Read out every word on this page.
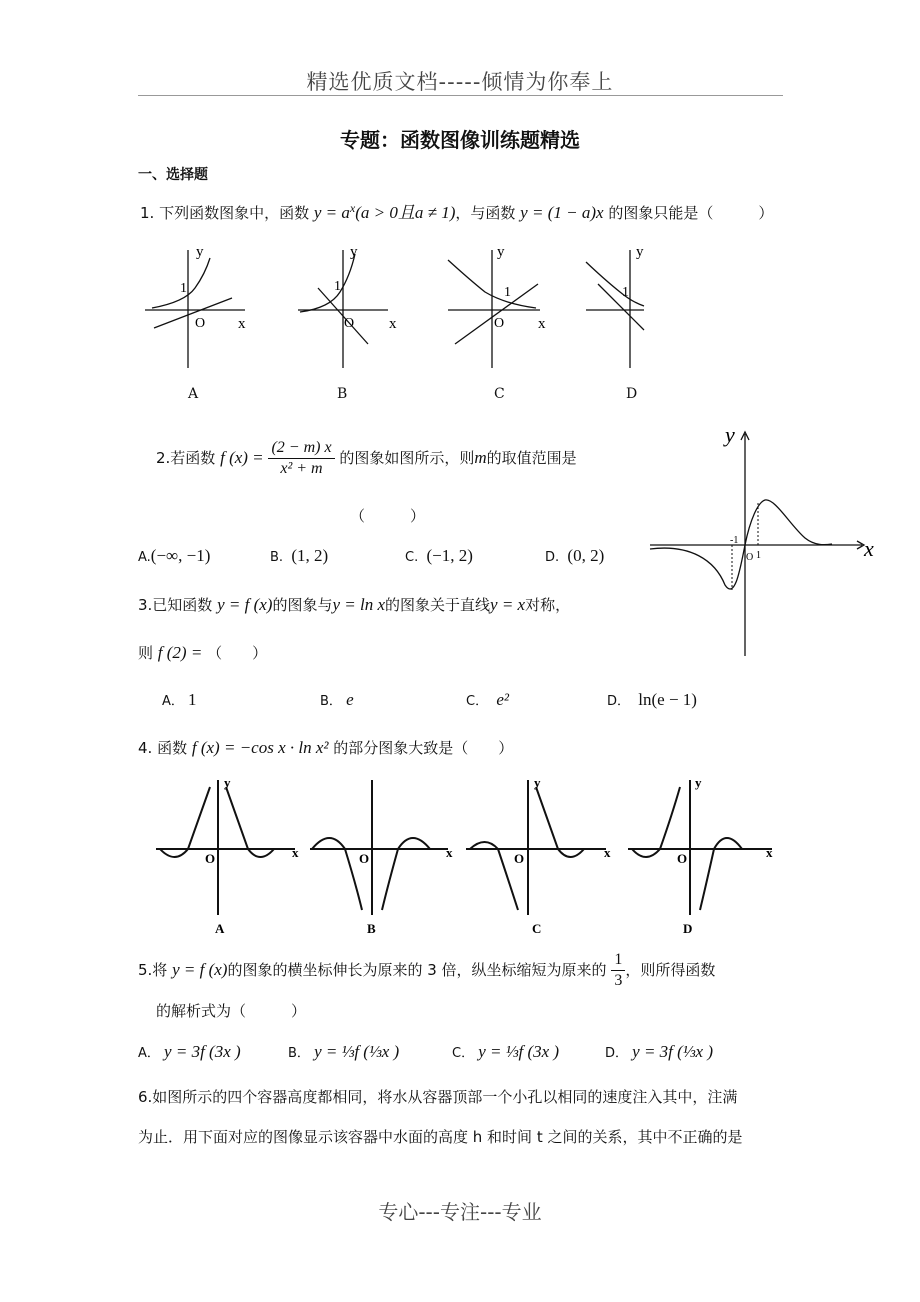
精选优质文档-----倾情为你奉上
专题：函数图像训练题精选
一、选择题
1. 下列函数图象中，函数 $y = a^x(a > 0$且a ≠ 1)，与函数 y = (1 − a)x 的图象只能是（　　　）
1
O x
y
1
O x
y
1
O x
y
1
y
A	B	C	D
2.若函数 f $(x) = \frac{(2 - m) x}{\text{x² + m}}$ 的图象如图所示，则m的取值范围是
（　　　）
A.(−∞, −1)	B. (1, 2)	C. (−1, 2)	D. (0, 2)
y
x
-1
O 1
3.已知函数 y = f (x)的图象与y = ln x的图象关于直线y = x对称，
则 f (2) = （　　）
A． 1	B． e	C． e²	D． ln(e − 1)
4. 函数 f (x) = −cos x · ln x² 的部分图象大致是（　　）
O
y
x	O	x	O
y
x	O
y
x
A	B	C	D
5.将 y = f (x)的图象的横坐标伸长为原来的 3 倍，纵坐标缩短为原来的 $\frac{1}{3}$ ，则所得函数
的解析式为（　　　）
A． y = 3f (3x )	B． y = ⅓f (⅓x )	C． y = ⅓f (3x )	D． y = 3f (⅓x )
6.如图所示的四个容器高度都相同，将水从容器顶部一个小孔以相同的速度注入其中，注满
为止．用下面对应的图像显示该容器中水面的高度 h 和时间 t 之间的关系，其中不正确的是
专心---专注---专业
